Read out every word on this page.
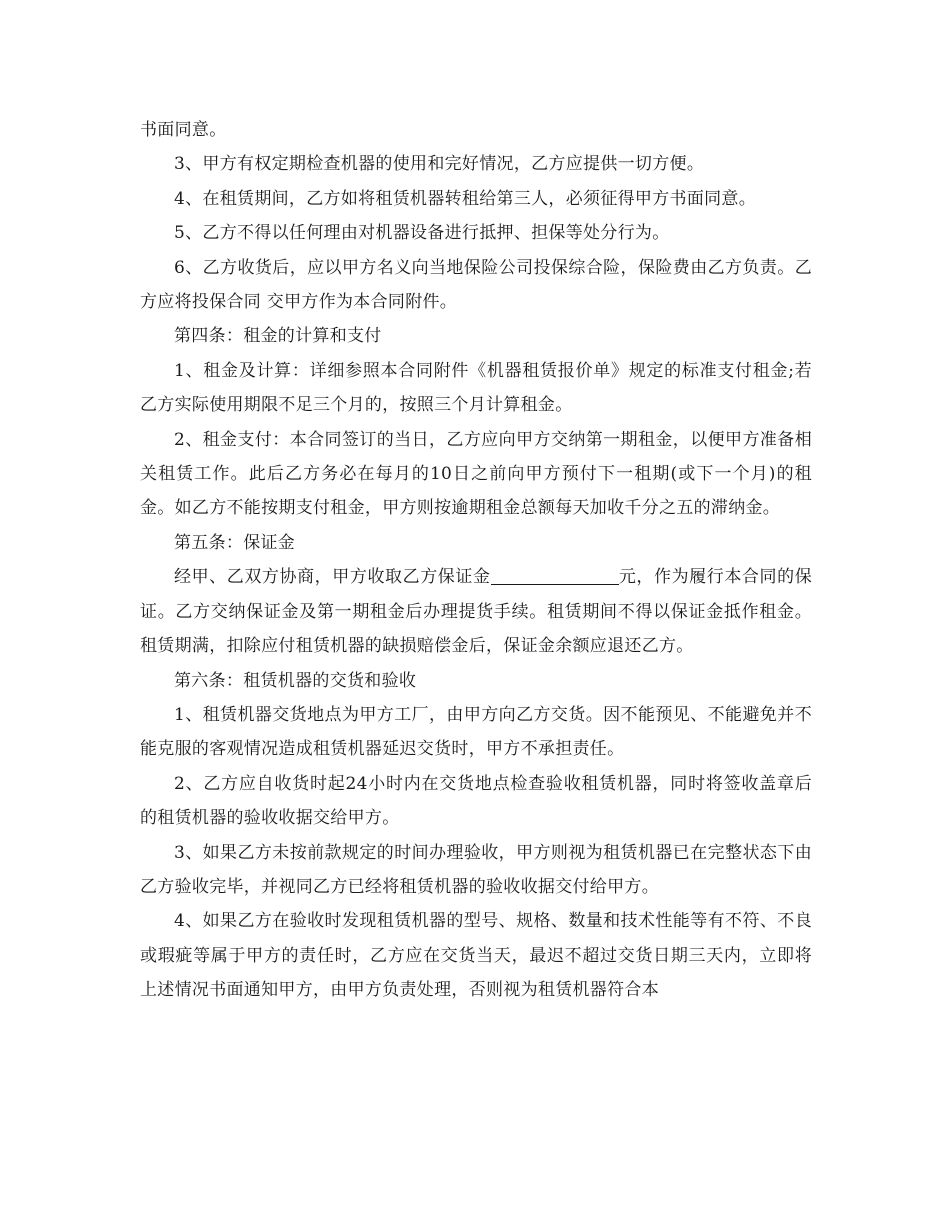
书面同意。

3、甲方有权定期检查机器的使用和完好情况，乙方应提供一切方便。

4、在租赁期间，乙方如将租赁机器转租给第三人，必须征得甲方书面同意。

5、乙方不得以任何理由对机器设备进行抵押、担保等处分行为。

6、乙方收货后，应以甲方名义向当地保险公司投保综合险，保险费由乙方负责。乙方应将投保合同 交甲方作为本合同附件。

第四条：租金的计算和支付

1、租金及计算：详细参照本合同附件《机器租赁报价单》规定的标准支付租金;若乙方实际使用期限不足三个月的，按照三个月计算租金。

2、租金支付：本合同签订的当日，乙方应向甲方交纳第一期租金，以便甲方准备相关租赁工作。此后乙方务必在每月的10日之前向甲方预付下一租期(或下一个月)的租金。如乙方不能按期支付租金，甲方则按逾期租金总额每天加收千分之五的滞纳金。

第五条：保证金

经甲、乙双方协商，甲方收取乙方保证金	元，作为履行本合同的保证。乙方交纳保证金及第一期租金后办理提货手续。租赁期间不得以保证金抵作租金。租赁期满，扣除应付租赁机器的缺损赔偿金后，保证金余额应退还乙方。

第六条：租赁机器的交货和验收

1、租赁机器交货地点为甲方工厂，由甲方向乙方交货。因不能预见、不能避免并不能克服的客观情况造成租赁机器延迟交货时，甲方不承担责任。

2、乙方应自收货时起24小时内在交货地点检查验收租赁机器，同时将签收盖章后的租赁机器的验收收据交给甲方。

3、如果乙方未按前款规定的时间办理验收，甲方则视为租赁机器已在完整状态下由乙方验收完毕，并视同乙方已经将租赁机器的验收收据交付给甲方。

4、如果乙方在验收时发现租赁机器的型号、规格、数量和技术性能等有不符、不良或瑕疵等属于甲方的责任时，乙方应在交货当天，最迟不超过交货日期三天内，立即将上述情况书面通知甲方，由甲方负责处理，否则视为租赁机器符合本
